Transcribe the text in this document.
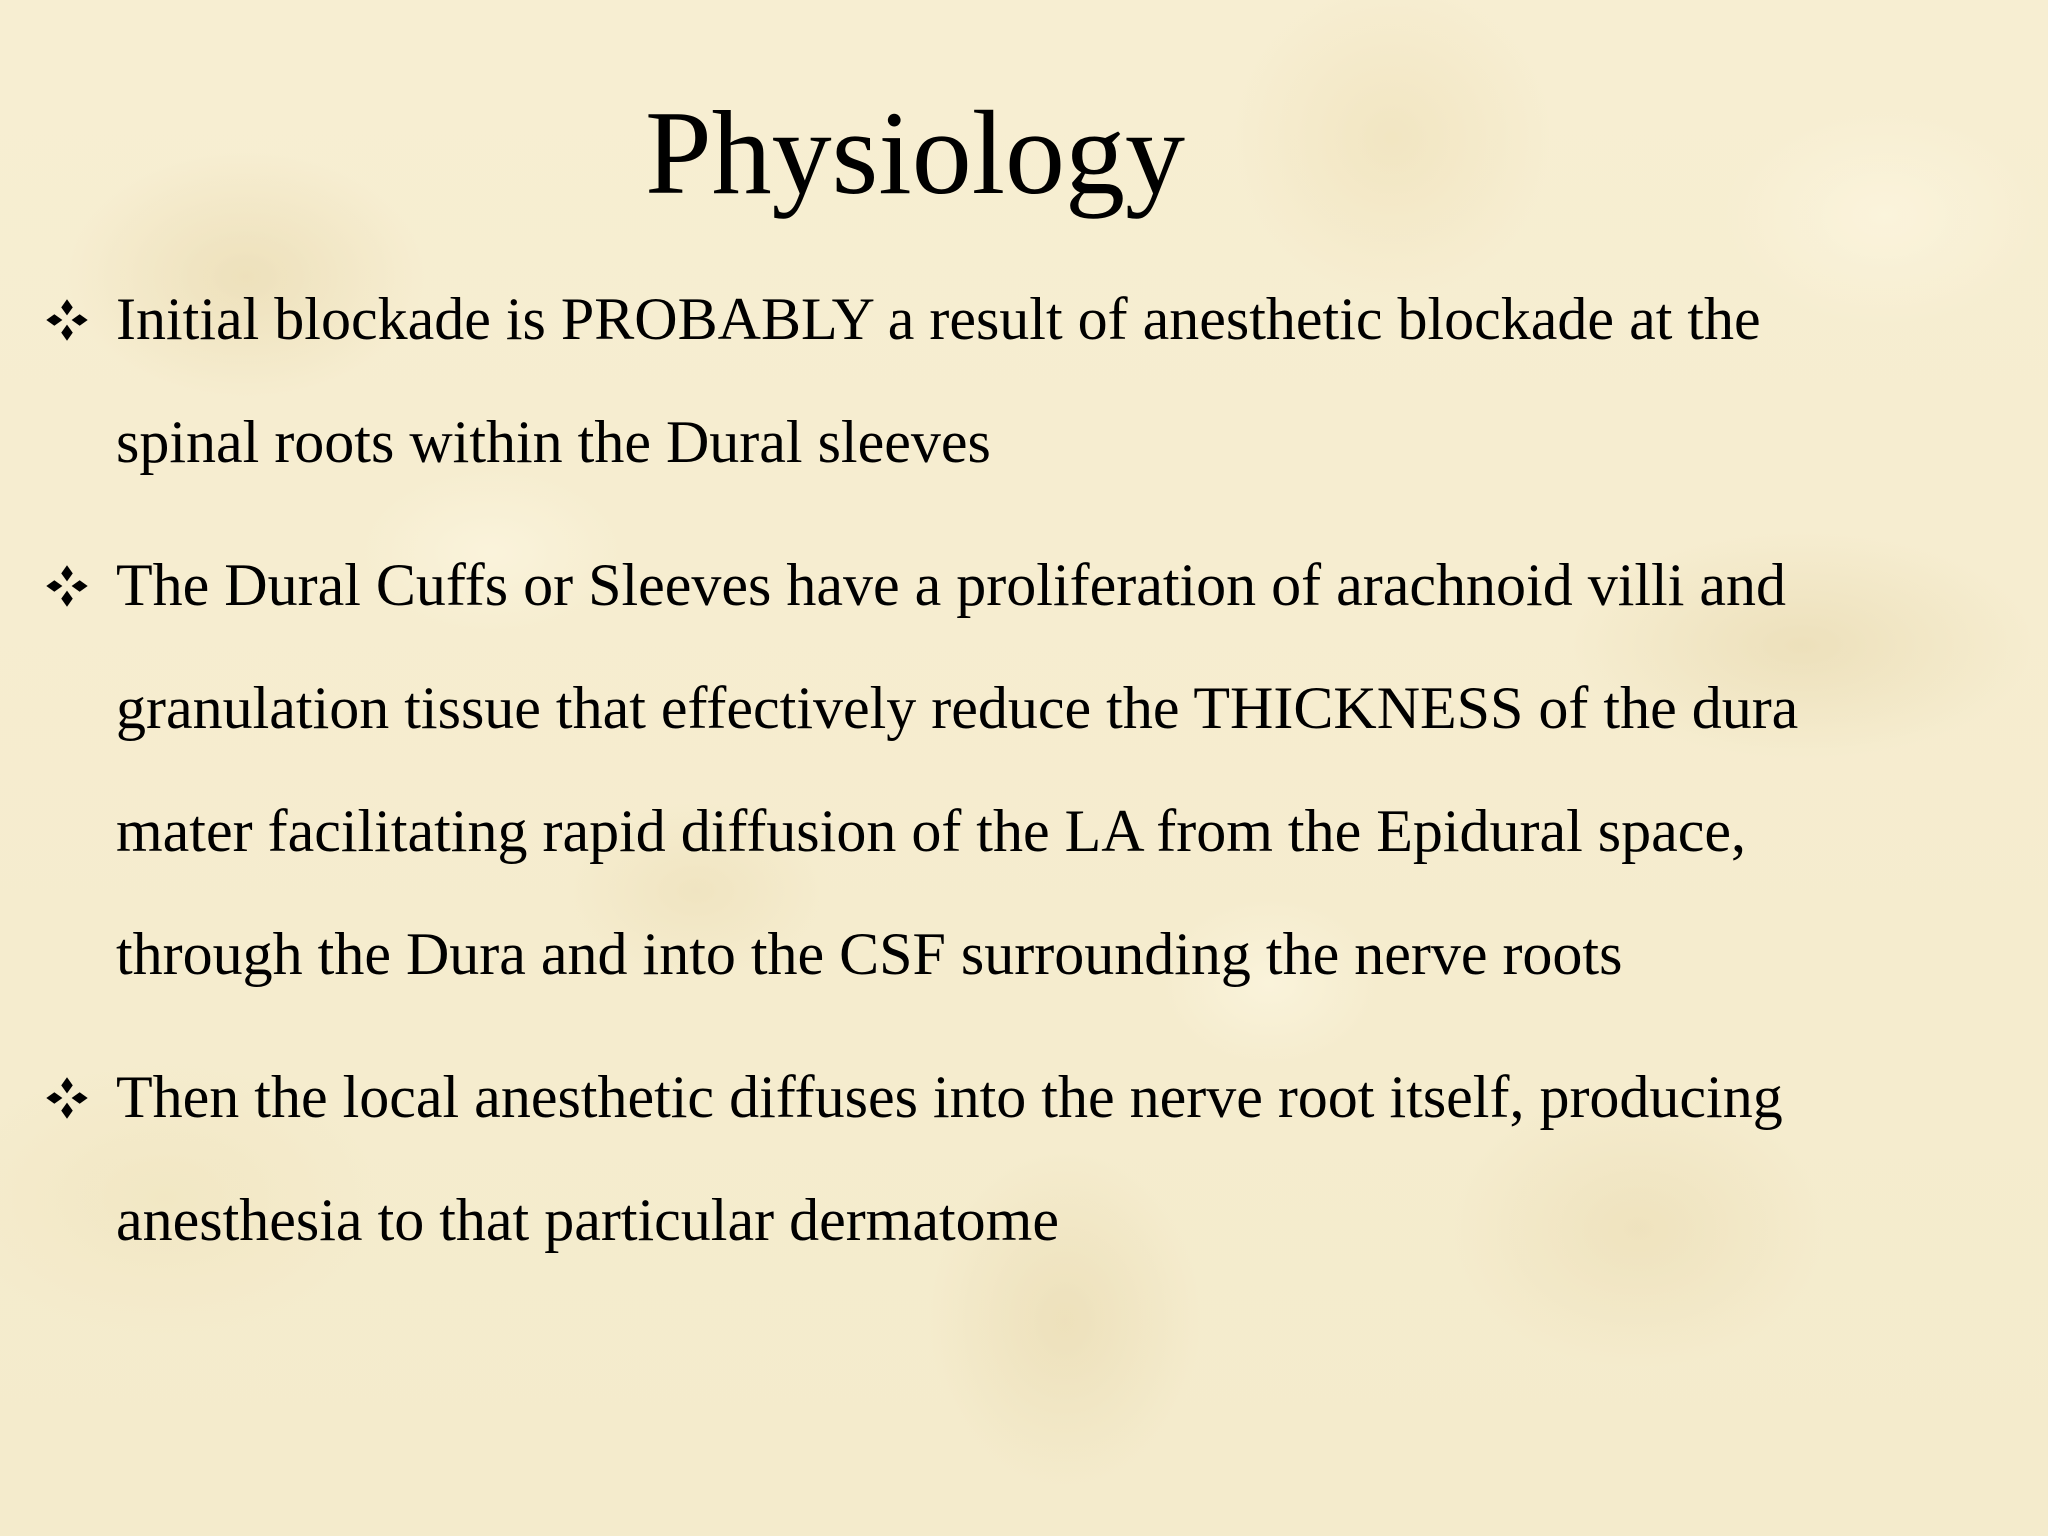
Physiology
Initial blockade is PROBABLY a result of anesthetic blockade at the spinal roots within the Dural sleeves
The Dural Cuffs or Sleeves have a proliferation of arachnoid villi and granulation tissue that effectively reduce the THICKNESS of the dura mater facilitating rapid diffusion of the LA from the Epidural space, through the Dura and into the CSF surrounding the nerve roots
Then the local anesthetic diffuses into the nerve root itself, producing anesthesia to that particular dermatome
